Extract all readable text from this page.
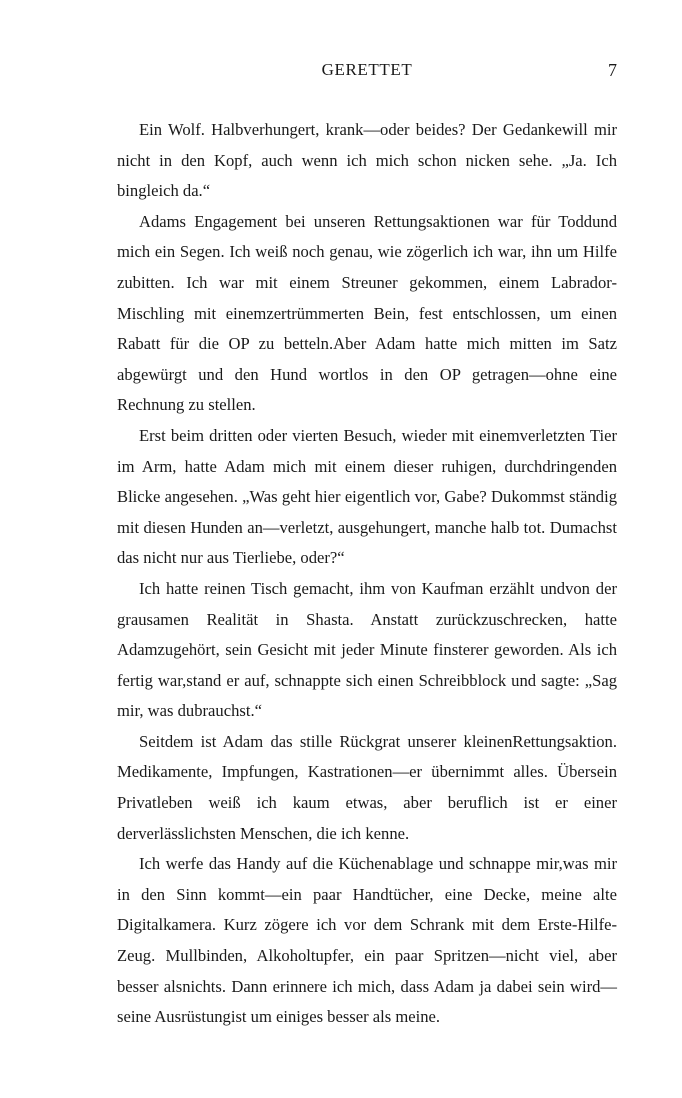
GERETTET	7

Ein Wolf. Halbverhungert, krank—oder beides? Der Gedankewill mir nicht in den Kopf, auch wenn ich mich schon nicken sehe. „Ja. Ich bingleich da.“

Adams Engagement bei unseren Rettungsaktionen war für Toddund mich ein Segen. Ich weiß noch genau, wie zögerlich ich war, ihn um Hilfe zubitten. Ich war mit einem Streuner gekommen, einem Labrador-Mischling mit einemzertrümmerten Bein, fest entschlossen, um einen Rabatt für die OP zu betteln.Aber Adam hatte mich mitten im Satz abgewürgt und den Hund wortlos in den OP getragen—ohne eine Rechnung zu stellen.

Erst beim dritten oder vierten Besuch, wieder mit einemverletzten Tier im Arm, hatte Adam mich mit einem dieser ruhigen, durchdringenden Blicke angesehen. „Was geht hier eigentlich vor, Gabe? Dukommst ständig mit diesen Hunden an—verletzt, ausgehungert, manche halb tot. Dumachst das nicht nur aus Tierliebe, oder?“

Ich hatte reinen Tisch gemacht, ihm von Kaufman erzählt undvon der grausamen Realität in Shasta. Anstatt zurückzuschrecken, hatte Adamzugehört, sein Gesicht mit jeder Minute finsterer geworden. Als ich fertig war,stand er auf, schnappte sich einen Schreibblock und sagte: „Sag mir, was dubrauchst.“

Seitdem ist Adam das stille Rückgrat unserer kleinenRettungsaktion. Medikamente, Impfungen, Kastrationen—er übernimmt alles. Übersein Privatleben weiß ich kaum etwas, aber beruflich ist er einer derverlässlichsten Menschen, die ich kenne.

Ich werfe das Handy auf die Küchenablage und schnappe mir,was mir in den Sinn kommt—ein paar Handtücher, eine Decke, meine alte Digitalkamera. Kurz zögere ich vor dem Schrank mit dem Erste-Hilfe-Zeug. Mullbinden, Alkoholtupfer, ein paar Spritzen—nicht viel, aber besser alsnichts. Dann erinnere ich mich, dass Adam ja dabei sein wird—seine Ausrüstungist um einiges besser als meine.
